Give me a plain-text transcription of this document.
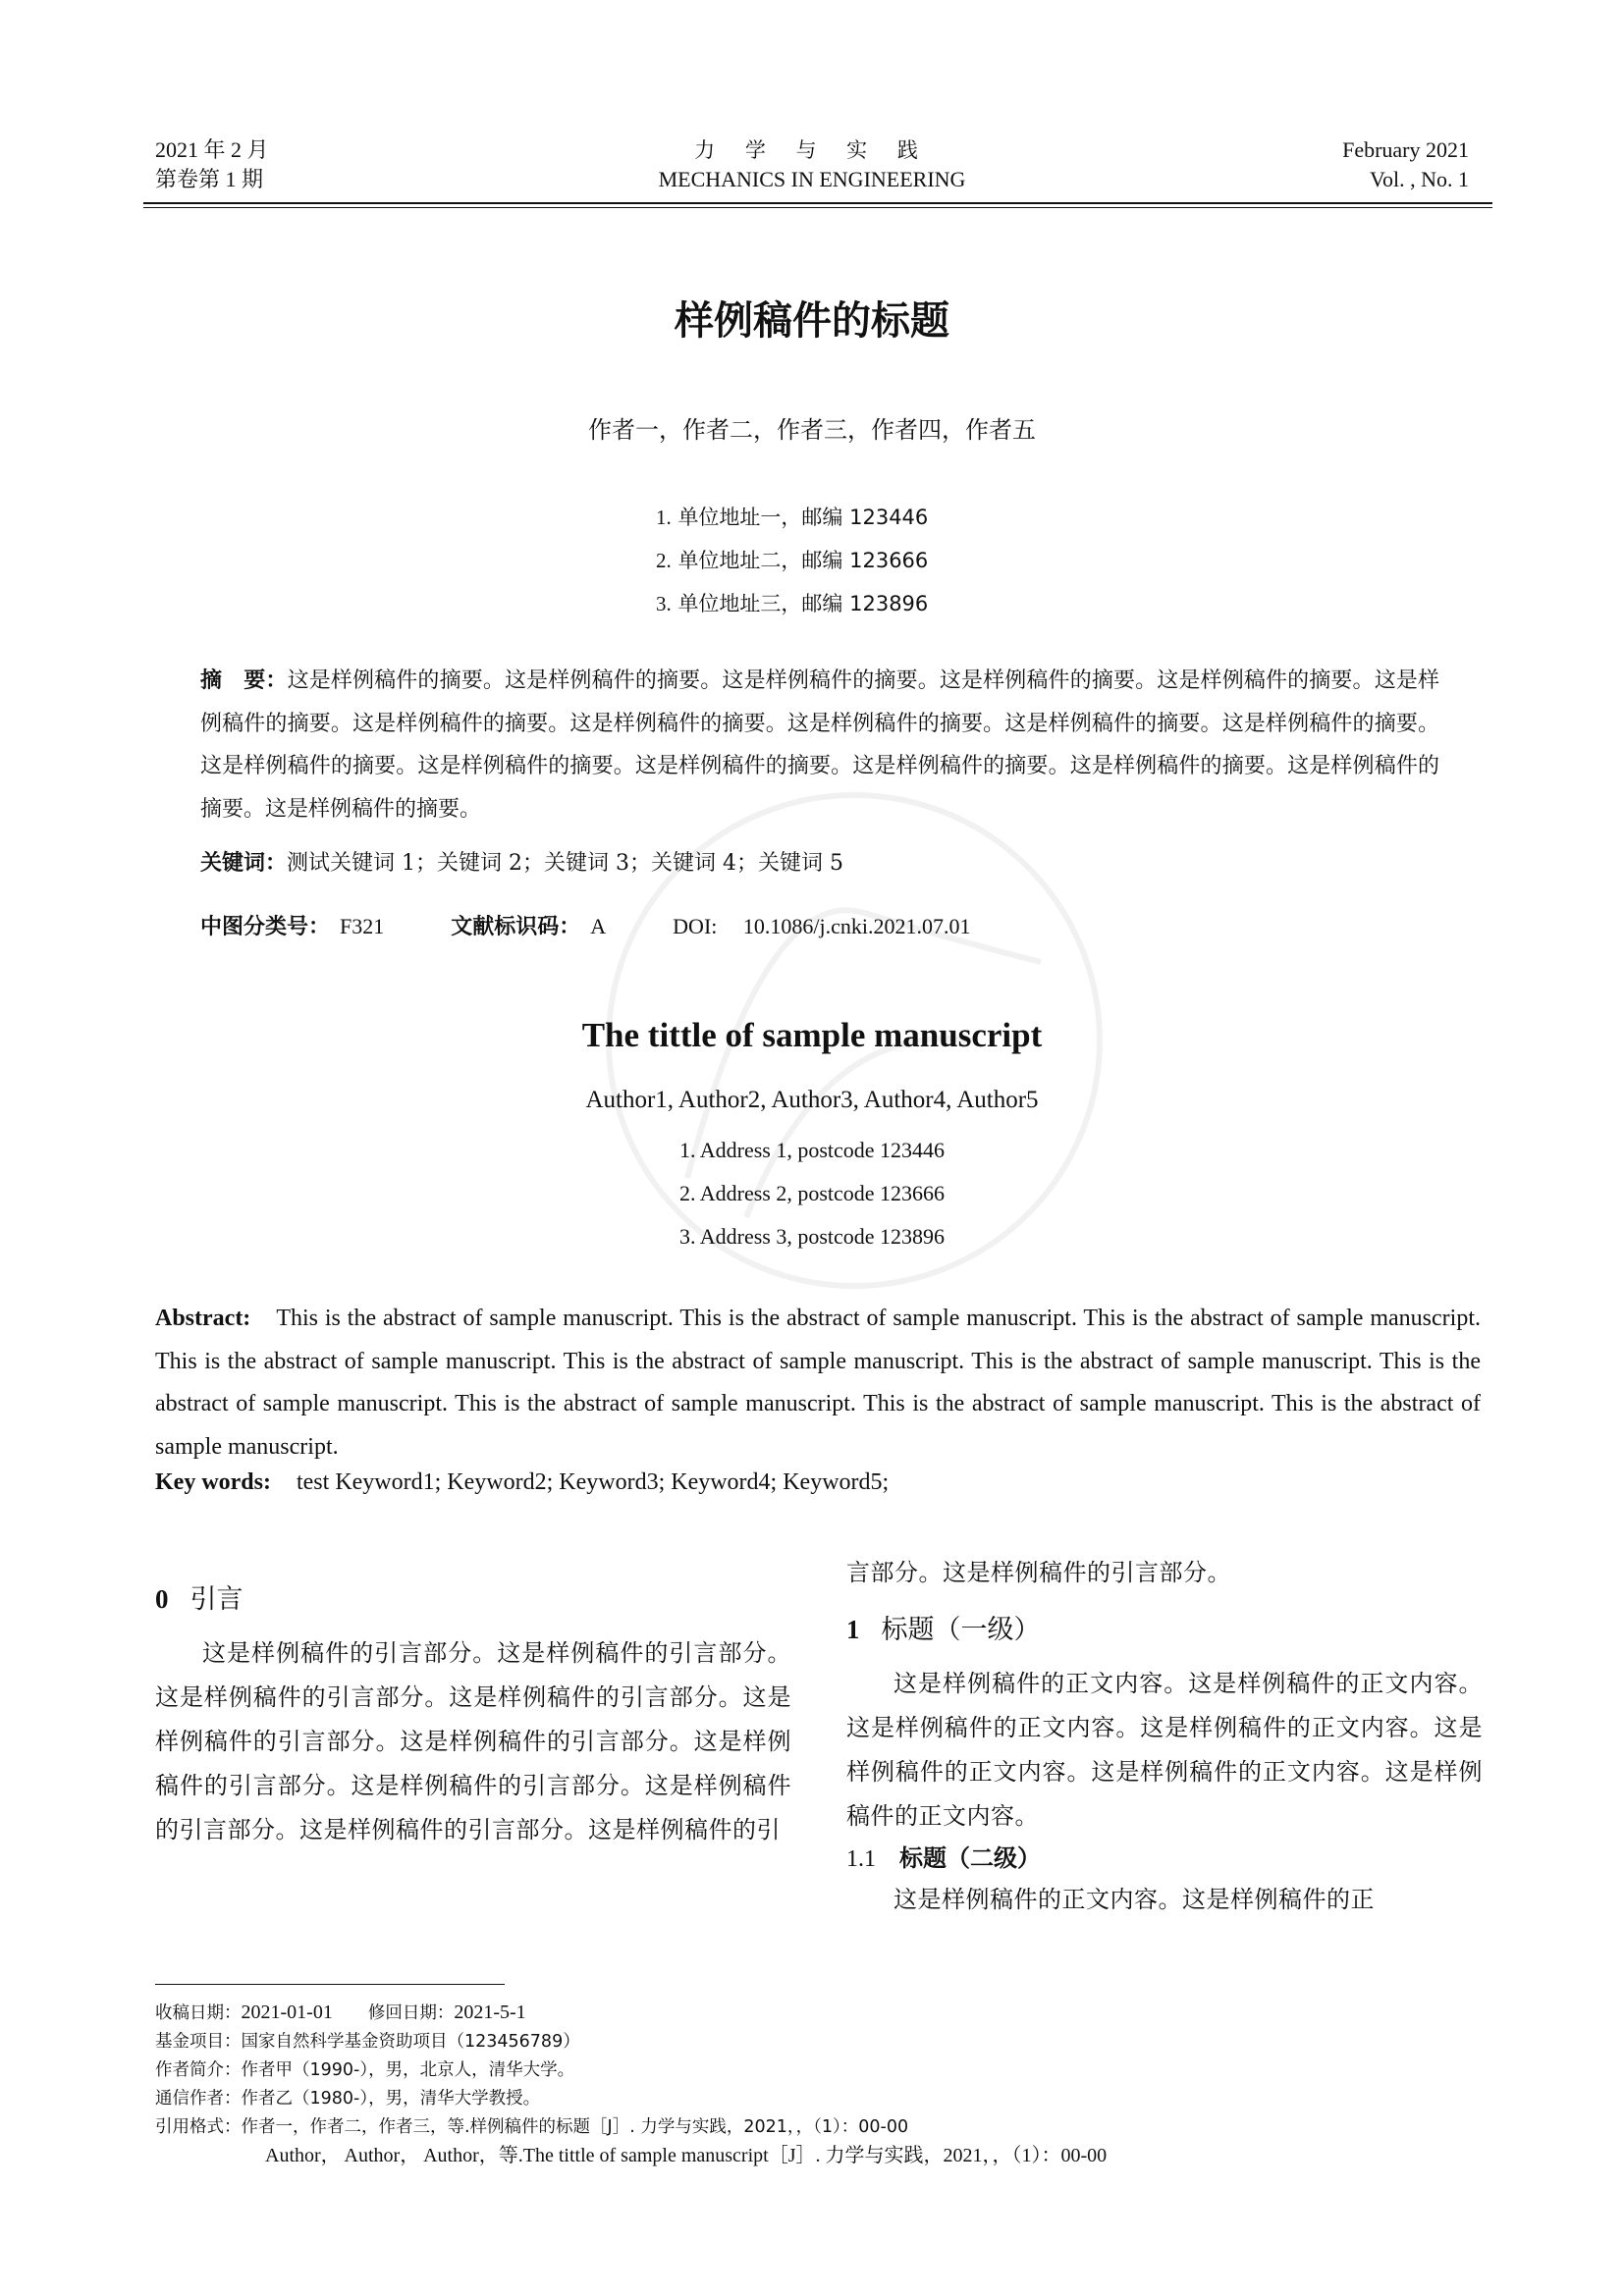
2021 年 2 月
第卷第 1 期
力 学 与 实 践
MECHANICS IN ENGINEERING
February 2021
Vol. , No. 1
样例稿件的标题
作者一，作者二，作者三，作者四，作者五
1. 单位地址一，邮编 123446
2. 单位地址二，邮编 123666
3. 单位地址三，邮编 123896
摘　要：这是样例稿件的摘要。这是样例稿件的摘要。这是样例稿件的摘要。这是样例稿件的摘要。这是样例稿件的摘要。这是样例稿件的摘要。这是样例稿件的摘要。这是样例稿件的摘要。这是样例稿件的摘要。这是样例稿件的摘要。这是样例稿件的摘要。这是样例稿件的摘要。这是样例稿件的摘要。这是样例稿件的摘要。这是样例稿件的摘要。这是样例稿件的摘要。这是样例稿件的摘要。这是样例稿件的摘要。
关键词：测试关键词 1；关键词 2；关键词 3；关键词 4；关键词 5
中图分类号： F321	文献标识码： A	DOI: 10.1086/j.cnki.2021.07.01
The tittle of sample manuscript
Author1, Author2, Author3, Author4, Author5
1. Address 1, postcode 123446
2. Address 2, postcode 123666
3. Address 3, postcode 123896
Abstract: This is the abstract of sample manuscript. This is the abstract of sample manuscript. This is the abstract of sample manuscript. This is the abstract of sample manuscript. This is the abstract of sample manuscript. This is the abstract of sample manuscript. This is the abstract of sample manuscript. This is the abstract of sample manuscript. This is the abstract of sample manuscript. This is the abstract of sample manuscript.
Key words: test Keyword1; Keyword2; Keyword3; Keyword4; Keyword5;
0 引言
这是样例稿件的引言部分。这是样例稿件的引言部分。这是样例稿件的引言部分。这是样例稿件的引言部分。这是样例稿件的引言部分。这是样例稿件的引言部分。这是样例稿件的引言部分。这是样例稿件的引言部分。这是样例稿件的引言部分。这是样例稿件的引言部分。这是样例稿件的引
言部分。这是样例稿件的引言部分。
1 标题（一级）
这是样例稿件的正文内容。这是样例稿件的正文内容。这是样例稿件的正文内容。这是样例稿件的正文内容。这是样例稿件的正文内容。这是样例稿件的正文内容。这是样例稿件的正文内容。
1.1 标题（二级）
这是样例稿件的正文内容。这是样例稿件的正
收稿日期：2021-01-01 修回日期：2021-5-1
基金项目：国家自然科学基金资助项目（123456789）
作者简介：作者甲（1990-），男，北京人，清华大学。
通信作者：作者乙（1980-），男，清华大学教授。
引用格式：作者一，作者二，作者三，等.样例稿件的标题［J］. 力学与实践，2021，，（1）：00-00
Author， Author， Author，等.The tittle of sample manuscript［J］. 力学与实践，2021，，（1）：00-00
